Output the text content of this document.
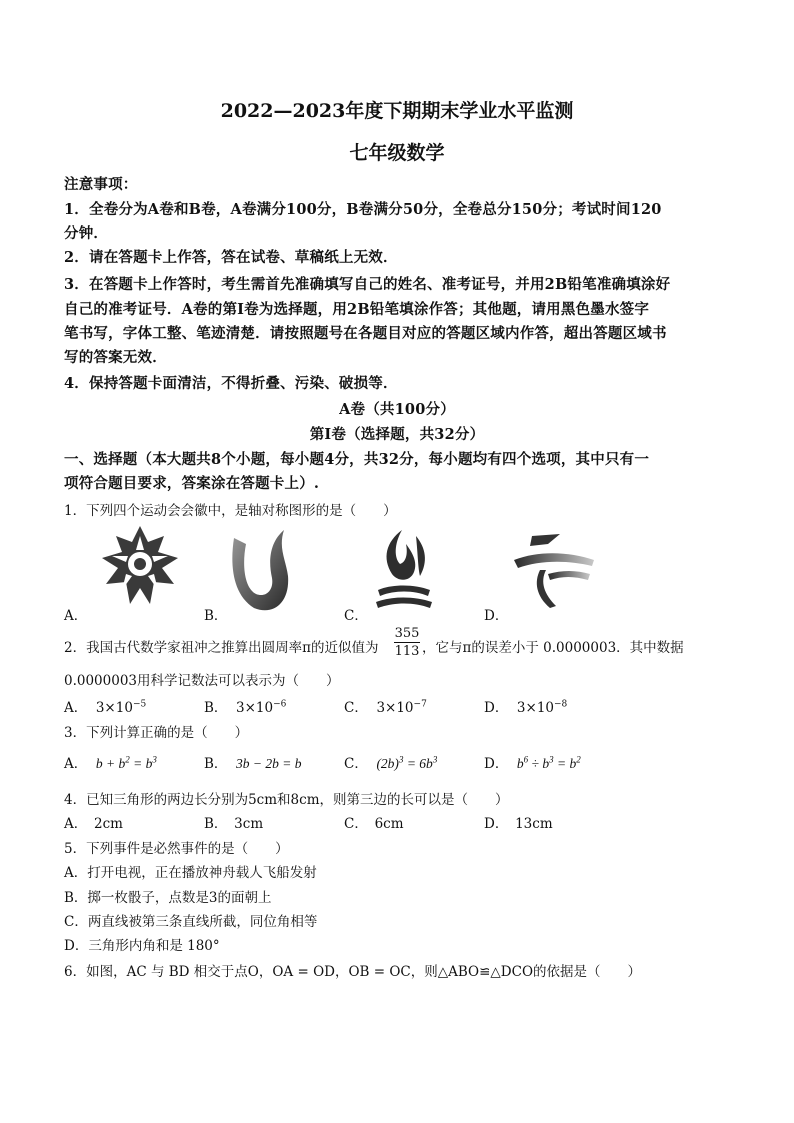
2022—2023年度下期期末学业水平监测
七年级数学
注意事项：
1．全卷分为A卷和B卷，A卷满分100分，B卷满分50分，全卷总分150分；考试时间120
分钟．
2．请在答题卡上作答，答在试卷、草稿纸上无效．
3．在答题卡上作答时，考生需首先准确填写自己的姓名、准考证号，并用2B铅笔准确填涂好
自己的准考证号．A卷的第Ⅰ卷为选择题，用2B铅笔填涂作答；其他题，请用黑色墨水签字
笔书写，字体工整、笔迹清楚．请按照题号在各题目对应的答题区域内作答，超出答题区域书
写的答案无效．
4．保持答题卡面清洁，不得折叠、污染、破损等．
A卷（共100分）
第Ⅰ卷（选择题，共32分）
一、选择题（本大题共8个小题，每小题4分，共32分，每小题均有四个选项，其中只有一
项符合题目要求，答案涂在答题卡上）.
1．下列四个运动会会徽中，是轴对称图形的是（　　）
A．	B．	C．	D．
2．我国古代数学家祖冲之推算出圆周率π的近似值为
355
113 ，它与π的误差小于 0.0000003．其中数据
0.0000003用科学记数法可以表示为（　　）
A． $3\times 10^{-5}$	B． $3\times 10^{-6}$	C． $3\times 10^{-7}$	D． $3\times 10^{-8}$
3．下列计算正确的是（　　）
A． $b + b^2 = b^3$	B． 3b − 2b = b	C． $(2b)^3 = 6b^3$	D． $b^6 \div b^3 = b^2$
4．已知三角形的两边长分别为5cm和8cm，则第三边的长可以是（　　）
A．　2cm	B．　3cm	C．　6cm	D．　13cm
5．下列事件是必然事件的是（　　）
A．打开电视，正在播放神舟载人飞船发射
B．掷一枚骰子，点数是3的面朝上
C．两直线被第三条直线所截，同位角相等
D．三角形内角和是 180°
6．如图，AC 与 BD 相交于点O，OA = OD，OB = OC，则△ABO≌△DCO的依据是（　　）
